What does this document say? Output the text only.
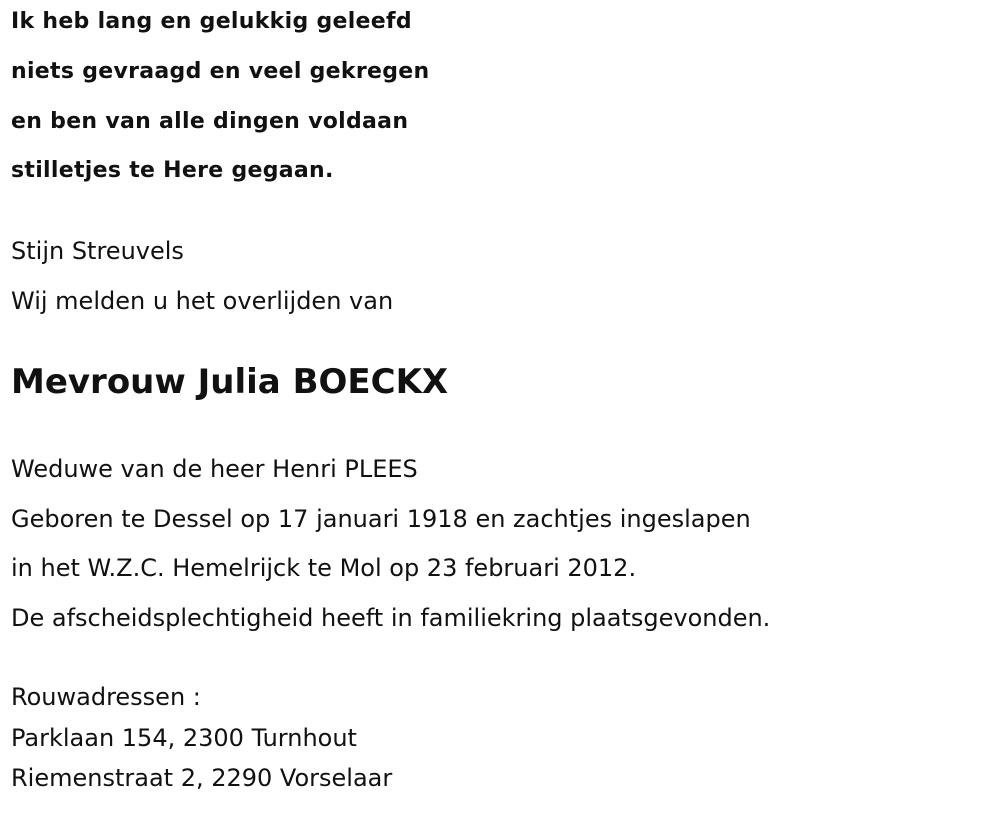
Ik heb lang en gelukkig geleefd
niets gevraagd en veel gekregen
en ben van alle dingen voldaan
stilletjes te Here gegaan.
Stijn Streuvels
Wij melden u het overlijden van
Mevrouw Julia BOECKX
Weduwe van de heer Henri PLEES
Geboren te Dessel op 17 januari 1918 en zachtjes ingeslapen
in het W.Z.C. Hemelrijck te Mol op 23 februari 2012.
De afscheidsplechtigheid heeft in familiekring plaatsgevonden.
Rouwadressen :
Parklaan 154, 2300 Turnhout
Riemenstraat 2, 2290 Vorselaar
